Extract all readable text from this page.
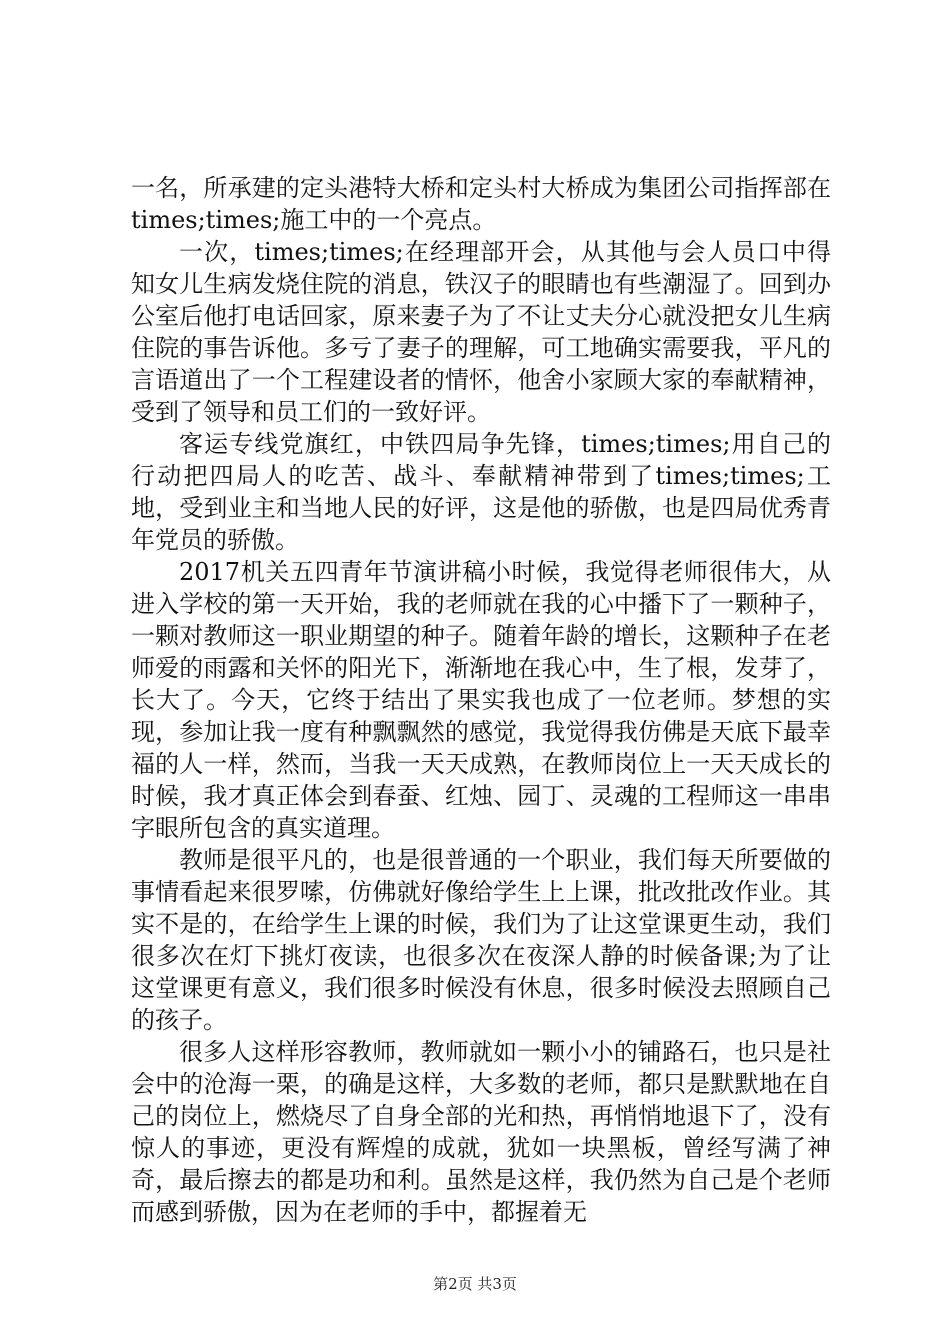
一名，所承建的定头港特大桥和定头村大桥成为集团公司指挥部在times;times;施工中的一个亮点。

一次，times;times;在经理部开会，从其他与会人员口中得知女儿生病发烧住院的消息，铁汉子的眼睛也有些潮湿了。回到办公室后他打电话回家，原来妻子为了不让丈夫分心就没把女儿生病住院的事告诉他。多亏了妻子的理解，可工地确实需要我，平凡的言语道出了一个工程建设者的情怀，他舍小家顾大家的奉献精神，受到了领导和员工们的一致好评。

客运专线党旗红，中铁四局争先锋，times;times;用自己的行动把四局人的吃苦、战斗、奉献精神带到了times;times;工地，受到业主和当地人民的好评，这是他的骄傲，也是四局优秀青年党员的骄傲。

2017机关五四青年节演讲稿小时候，我觉得老师很伟大，从进入学校的第一天开始，我的老师就在我的心中播下了一颗种子，一颗对教师这一职业期望的种子。随着年龄的增长，这颗种子在老师爱的雨露和关怀的阳光下，渐渐地在我心中，生了根，发芽了，长大了。今天，它终于结出了果实我也成了一位老师。梦想的实现，参加让我一度有种飘飘然的感觉，我觉得我仿佛是天底下最幸福的人一样，然而，当我一天天成熟，在教师岗位上一天天成长的时候，我才真正体会到春蚕、红烛、园丁、灵魂的工程师这一串串字眼所包含的真实道理。

教师是很平凡的，也是很普通的一个职业，我们每天所要做的事情看起来很罗嗦，仿佛就好像给学生上上课，批改批改作业。其实不是的，在给学生上课的时候，我们为了让这堂课更生动，我们很多次在灯下挑灯夜读，也很多次在夜深人静的时候备课;为了让这堂课更有意义，我们很多时候没有休息，很多时候没去照顾自己的孩子。

很多人这样形容教师，教师就如一颗小小的铺路石，也只是社会中的沧海一栗，的确是这样，大多数的老师，都只是默默地在自己的岗位上，燃烧尽了自身全部的光和热，再悄悄地退下了，没有惊人的事迹，更没有辉煌的成就，犹如一块黑板，曾经写满了神奇，最后擦去的都是功和利。虽然是这样，我仍然为自己是个老师而感到骄傲，因为在老师的手中，都握着无

第2页 共3页
